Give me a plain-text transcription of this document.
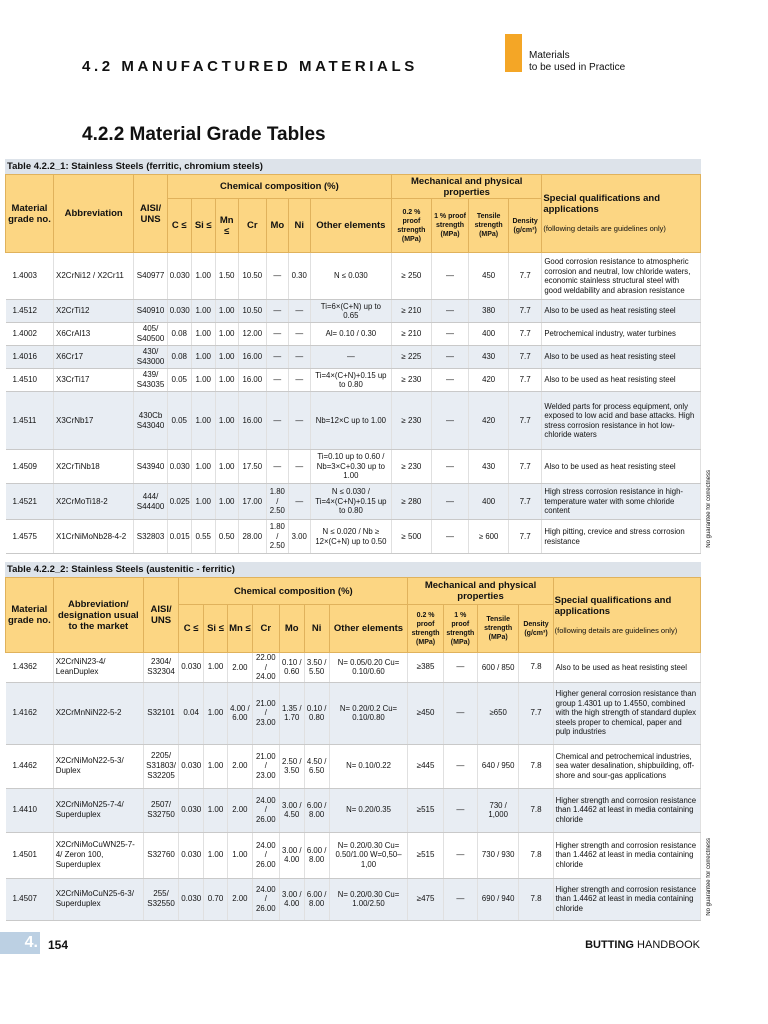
4.2 MANUFACTURED MATERIALS
Materials
to be used in Practice
4.2.2 Material Grade Tables
Table 4.2.2_1: Stainless Steels (ferritic, chromium steels)
Material grade no.	Abbreviation	AISI/ UNS	Chemical composition (%)							Mechanical and physical properties				Special qualifications and applications
(following details are guidelines only)

			C ≤	Si ≤	Mn ≤	Cr	Mo	Ni	Other elements	0.2 % proof strength (MPa)	1 % proof strength (MPa)	Tensile strength (MPa)	Density (g/cm³)	
1.4003	X2CrNi12 / X2Cr11	S40977	0.030	1.00	1.50	10.50	—	0.30	N ≤ 0.030	≥ 250	—	450	7.7	Good corrosion resistance to atmospheric corrosion and neutral, low chloride waters, economic stainless structural steel with good weldability and abrasion resistance
1.4512	X2CrTi12	S40910	0.030	1.00	1.00	10.50	—	—	Ti=6×(C+N) up to 0.65	≥ 210	—	380	7.7	Also to be used as heat resisting steel
1.4002	X6CrAl13	405/ S40500	0.08	1.00	1.00	12.00	—	—	Al= 0.10 / 0.30	≥ 210	—	400	7.7	Petrochemical industry, water turbines
1.4016	X6Cr17	430/ S43000	0.08	1.00	1.00	16.00	—	—	—	≥ 225	—	430	7.7	Also to be used as heat resisting steel
1.4510	X3CrTi17	439/ S43035	0.05	1.00	1.00	16.00	—	—	Ti=4×(C+N)+0.15 up to 0.80	≥ 230	—	420	7.7	Also to be used as heat resisting steel
1.4511	X3CrNb17	430Cb S43040	0.05	1.00	1.00	16.00	—	—	Nb=12×C up to 1.00	≥ 230	—	420	7.7	Welded parts for process equipment, only exposed to low acid and base attacks. High stress corrosion resistance in hot low-chloride waters
1.4509	X2CrTiNb18	S43940	0.030	1.00	1.00	17.50	—	—	Ti=0.10 up to 0.60 / Nb=3×C+0.30 up to 1.00	≥ 230	—	430	7.7	Also to be used as heat resisting steel
1.4521	X2CrMoTi18-2	444/ S44400	0.025	1.00	1.00	17.00	1.80 / 2.50	—	N ≤ 0.030 / Ti=4×(C+N)+0.15 up to 0.80	≥ 280	—	400	7.7	High stress corrosion resistance in high-temperature water with some chloride content
1.4575	X1CrNiMoNb28-4-2	S32803	0.015	0.55	0.50	28.00	1.80 / 2.50	3.00	N ≤ 0.020 / Nb ≥ 12×(C+N) up to 0.50	≥ 500	—	≥ 600	7.7	High pitting, crevice and stress corrosion resistance
Table 4.2.2_2: Stainless Steels (austenitic - ferritic)
Material grade no.	Abbreviation/ designation usual to the market	AISI/ UNS	Chemical composition (%)							Mechanical and physical properties				Special qualifications and applications
(following details are guidelines only)

			C ≤	Si ≤	Mn ≤	Cr	Mo	Ni	Other elements	0.2 % proof strength (MPa)	1 % proof strength (MPa)	Tensile strength (MPa)	Density (g/cm³)	
1.4362	X2CrNiN23-4/ LeanDuplex	2304/ S32304	0.030	1.00	2.00	22.00 / 24.00	0.10 / 0.60	3.50 / 5.50	N= 0.05/0.20 Cu= 0.10/0.60	≥385	—	600 / 850	7.8	Also to be used as heat resisting steel
1.4162	X2CrMnNiN22-5-2	S32101	0.04	1.00	4.00 / 6.00	21.00 / 23.00	1.35 / 1.70	0.10 / 0.80	N= 0.20/0.2 Cu= 0.10/0.80	≥450	—	≥650	7.7	Higher general corrosion resistance than group 1.4301 up to 1.4550, combined with the high strength of standard duplex steels proper to chemical, paper and pulp industries
1.4462	X2CrNiMoN22-5-3/ Duplex	2205/ S31803/ S32205	0.030	1.00	2.00	21.00 / 23.00	2.50 / 3.50	4.50 / 6.50	N= 0.10/0.22	≥445	—	640 / 950	7.8	Chemical and petrochemical industries, sea water desalination, shipbuilding, off-shore and sour-gas applications
1.4410	X2CrNiMoN25-7-4/ Superduplex	2507/ S32750	0.030	1.00	2.00	24.00 / 26.00	3.00 / 4.50	6.00 / 8.00	N= 0.20/0.35	≥515	—	730 / 1,000	7.8	Higher strength and corrosion resistance than 1.4462 at least in media containing chloride
1.4501	X2CrNiMoCuWN25-7-4/ Zeron 100, Superduplex	S32760	0.030	1.00	1.00	24.00 / 26.00	3.00 / 4.00	6.00 / 8.00	N= 0.20/0.30 Cu= 0.50/1.00 W=0,50–1,00	≥515	—	730 / 930	7.8	Higher strength and corrosion resistance than 1.4462 at least in media containing chloride
1.4507	X2CrNiMoCuN25-6-3/ Superduplex	255/ S32550	0.030	0.70	2.00	24.00 / 26.00	3.00 / 4.00	6.00 / 8.00	N= 0.20/0.30 Cu= 1.00/2.50	≥475	—	690 / 940	7.8	Higher strength and corrosion resistance than 1.4462 at least in media containing chloride
No guarantee for correctness
No guarantee for correctness
4. 154	BUTTING HANDBOOK
